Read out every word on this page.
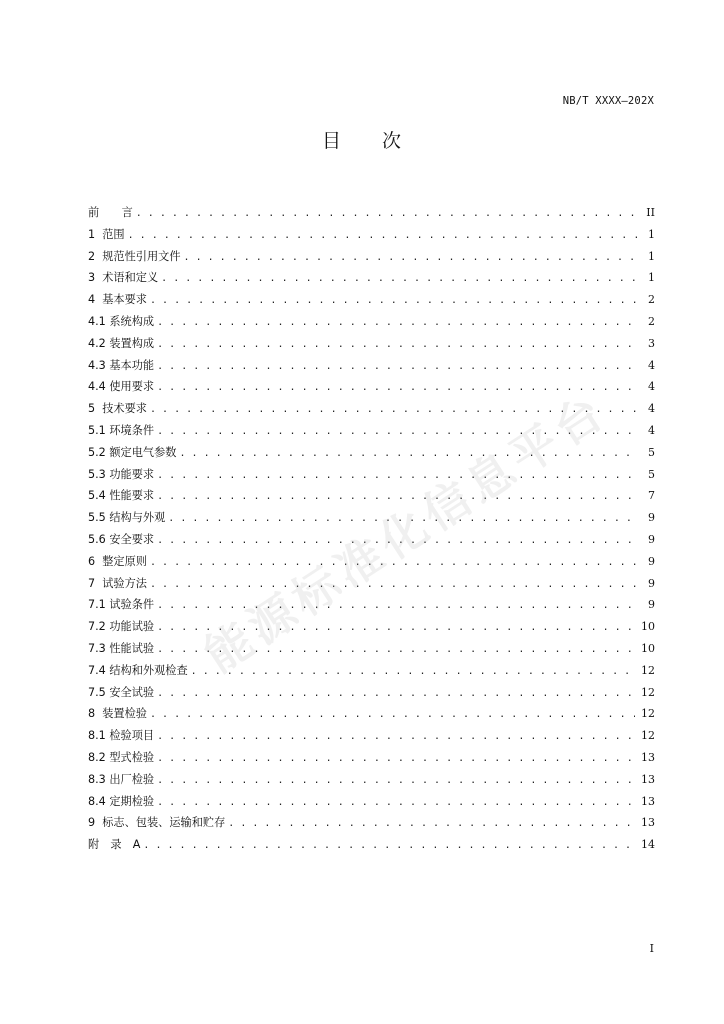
NB/T XXXX—202X
目 次
前　　言 . . .	II
1  范围 . . .	1
2  规范性引用文件 . . .	1
3  术语和定义 . . .	1
4  基本要求 . . .	2
4.1 系统构成 . . .	2
4.2 装置构成 . . .	3
4.3 基本功能 . . .	4
4.4 使用要求 . . .	4
5  技术要求 . . .	4
5.1 环境条件 . . .	4
5.2 额定电气参数 . . .	5
5.3 功能要求 . . .	5
5.4 性能要求 . . .	7
5.5 结构与外观 . . .	9
5.6 安全要求 . . .	9
6  整定原则 . . .	9
7  试验方法 . . .	9
7.1 试验条件 . . .	9
7.2 功能试验 . . .	10
7.3 性能试验 . . .	10
7.4 结构和外观检查 . . .	12
7.5 安全试验 . . .	12
8  装置检验 . . .	12
8.1 检验项目 . . .	12
8.2 型式检验 . . .	13
8.3 出厂检验 . . .	13
8.4 定期检验 . . .	13
9  标志、包装、运输和贮存 . . .	13
附　录　A . . .	14
能源标准化信息平台
I
